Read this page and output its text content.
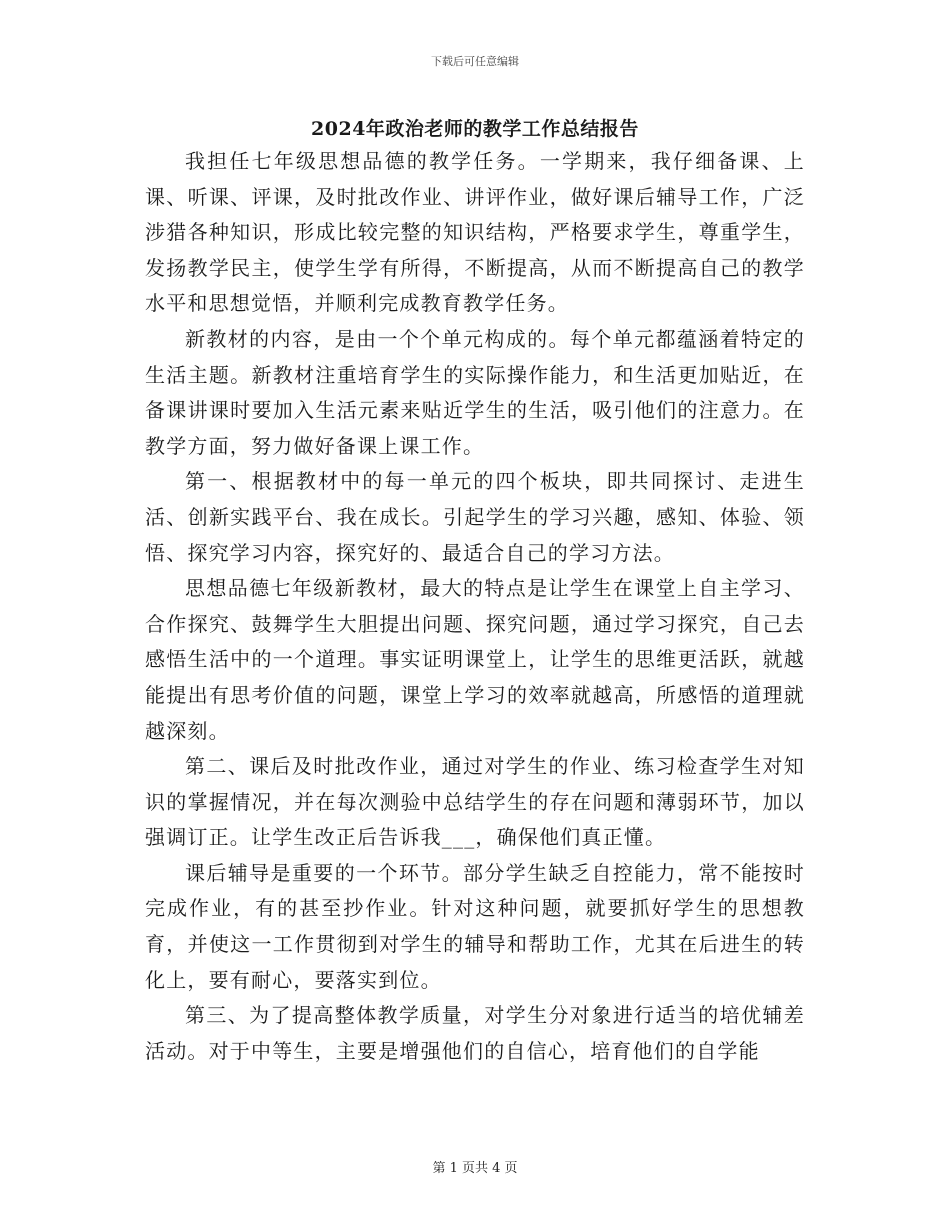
下载后可任意编辑
2024年政治老师的教学工作总结报告

我担任七年级思想品德的教学任务。一学期来，我仔细备课、上课、听课、评课，及时批改作业、讲评作业，做好课后辅导工作，广泛涉猎各种知识，形成比较完整的知识结构，严格要求学生，尊重学生，发扬教学民主，使学生学有所得，不断提高，从而不断提高自己的教学水平和思想觉悟，并顺利完成教育教学任务。

新教材的内容，是由一个个单元构成的。每个单元都蕴涵着特定的生活主题。新教材注重培育学生的实际操作能力，和生活更加贴近，在备课讲课时要加入生活元素来贴近学生的生活，吸引他们的注意力。在教学方面，努力做好备课上课工作。

第一、根据教材中的每一单元的四个板块，即共同探讨、走进生活、创新实践平台、我在成长。引起学生的学习兴趣，感知、体验、领悟、探究学习内容，探究好的、最适合自己的学习方法。

思想品德七年级新教材，最大的特点是让学生在课堂上自主学习、合作探究、鼓舞学生大胆提出问题、探究问题，通过学习探究，自己去感悟生活中的一个道理。事实证明课堂上，让学生的思维更活跃，就越能提出有思考价值的问题，课堂上学习的效率就越高，所感悟的道理就越深刻。

第二、课后及时批改作业，通过对学生的作业、练习检查学生对知识的掌握情况，并在每次测验中总结学生的存在问题和薄弱环节，加以强调订正。让学生改正后告诉我___，确保他们真正懂。

课后辅导是重要的一个环节。部分学生缺乏自控能力，常不能按时完成作业，有的甚至抄作业。针对这种问题，就要抓好学生的思想教育，并使这一工作贯彻到对学生的辅导和帮助工作，尤其在后进生的转化上，要有耐心，要落实到位。

第三、为了提高整体教学质量，对学生分对象进行适当的培优辅差活动。对于中等生，主要是增强他们的自信心，培育他们的自学能

第 1 页共 4 页
